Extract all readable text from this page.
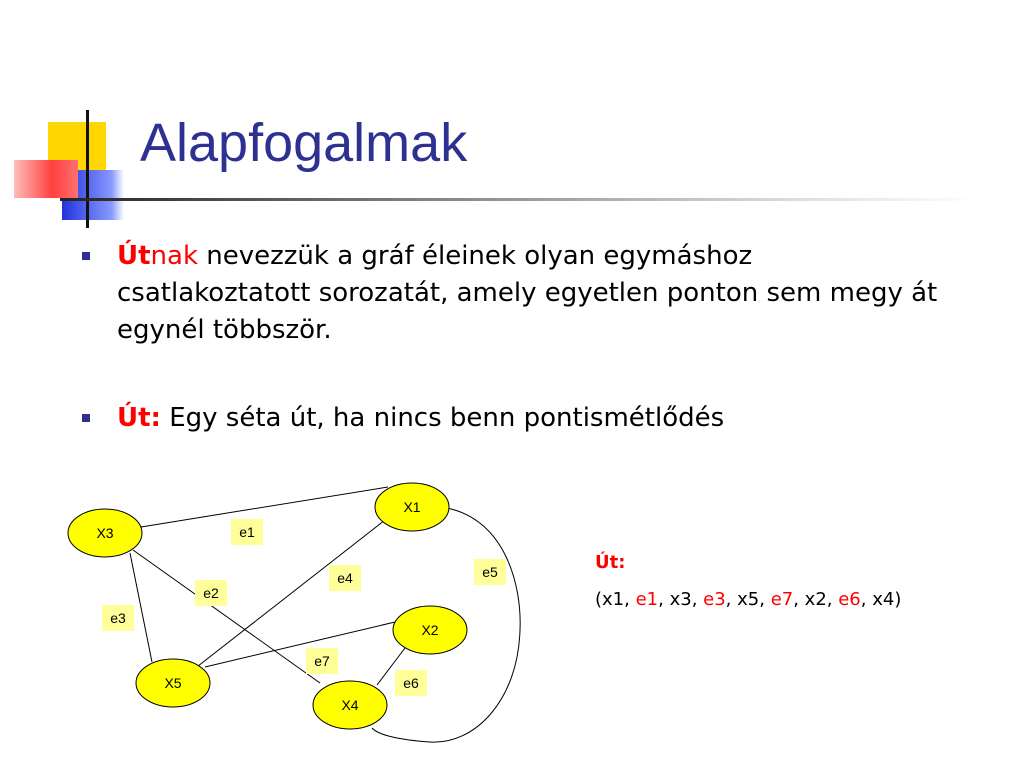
Alapfogalmak
Útnak nevezzük a gráf éleinek olyan egymáshoz csatlakoztatott sorozatát, amely egyetlen ponton sem megy át egynél többször.
Út: Egy séta út, ha nincs benn pontismétlődés
e1
e2
e3
e4	e5
e6
e7
X1
X2
X3
X4
X5
Út:
(x1, e1, x3, e3, x5, e7, x2, e6, x4)
